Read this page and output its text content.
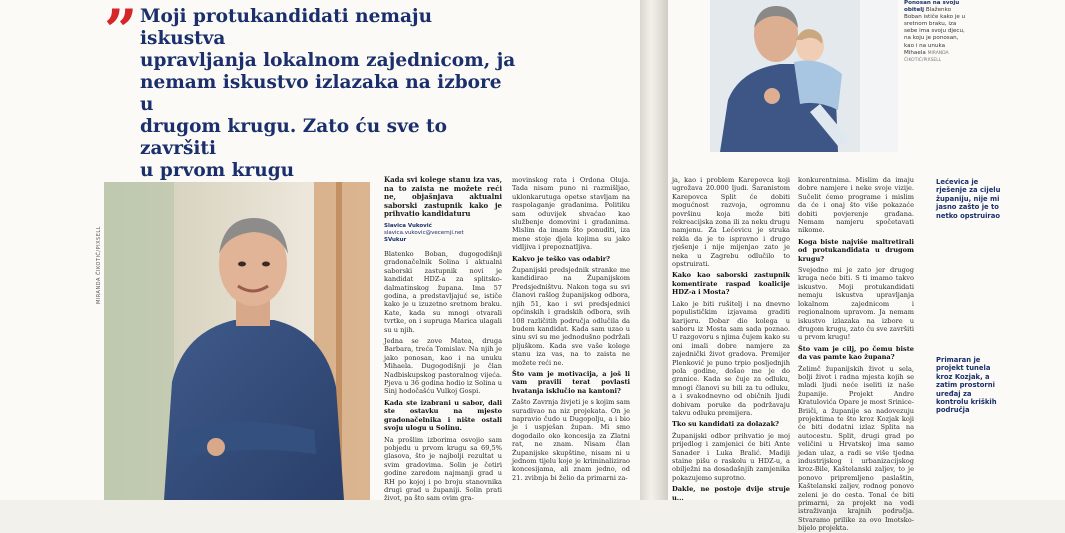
” Moji protukandidati nemaju iskustva
upravljanja lokalnom zajednicom, ja
nemam iskustvo izlazaka na izbore u
drugom krugu. Zato ću sve to završiti
u prvom krugu
MIRANDA ČIKOTIĆ/PIXSELL

Kada svi kolege stanu iza vas, na to zaista ne možete reći ne, objašnjava aktualni saborski zastupnik kako je prihvatio kandidaturu

Slavica Vuković
slavica.vukovic@vecernji.net
SVukur

Blatenko Boban, dugogodišnji gradonačelnik Solina i aktualni saborski zastupnik novi je kandidat HDZ-a za splitsko-dalmatinskog župana. Ima 57 godina, a predstavljajuć se, ističe kako je u izuzetno sretnom braku. Kate, kada su mnogi otvarali tvrtke, on i supruga Marica ulagali su u njih.

Jedna se zove Matea, druga Barbara, treća Tomislav. Na njih je jako ponosan, kao i na unuku Mihaela. Dugogodišnji je član Nadbiskupskog pastoralnog vijeća. Pjeva u 36 godina hodio iz Solina u Sinj hodočašću Vulkoj Gospi.

Kada ste izabrani u sabor, dali ste ostavku na mjesto gradonačelnika i nište ostali svoju ulogu u Solinu.

Na prošlim izborima osvojio sam pobjedu u prvom krugu sa 69,5% glasova, što je najbolji rezultat u svim gradovima. Solin je četiri godine zaredom najmanji grad u RH po kojoj i po broju stanovnika drugi grad u županiji. Solin prati život, pa što sam ovim gra-

movinskog rata i Ordona Oluja. Tada nisam puno ni razmišljao, uklonkarutuga opetse stavljam na raspolaganje građanima. Politiku sam oduvijek shvaćao kao službenje domovini i građanima. Mislim da imam što ponuditi, iza mene stoje djela kojima su jako vidljiva i prepoznatljiva.

Kakvo je teško vas odabir?

Županijski predsjednik stranke me kandidirao na Županijskom Predsjedništvu. Nakon toga su svi članovi rašlog županijskog odbora, njih 51, kao i svi predsjednici općinskih i gradskih odbora, svih 108 različitih područja odlučila da budem kandidat. Kada sam uzao u sinu svi su me jednodušno podržali pljuškom. Kada sve vaše kolege stanu iza vas, na to zaista ne možete reći ne.

Što vam je motivacija, a još li vam pravili terat povlasti hvatanja isklučio na kantoni?

Zašto Zavrnja živjeti je s kojim sam suradivao na niz projekata. On je napravio čudo u Dugopolju, a i bio je i uspješan župan. Mi smo dogodailo oko koncesija za Zlatni rat, ne znam. Nisam član Županijske skupštine, nisam ni u jednom tijelu koje je kriminalizirao koncesijama, ali znam jedno, od 21. zvibnja bi želio da primarni za-

Ponosan na svoju obitelj Blaženko Boban ističe kako je u sretnom braku, iza sebe ima svoju djecu, na koju je ponosan, kao i na unuka Mihaela MIRANDA ČIKOTIĆ/PIXSELL

ja, kao i problem Karepovca koji ugrožava 20.000 ljudi. Šaranistom Karepovca Split će dobiti mogućnost razvoja, ogromnu površinu koja može biti rekreacijska zona ili za neku drugu namjenu. Za Lećevicu je struka rekla da je to ispravno i drugo rješenje i nije mijenjao zato je neka u Zagrebu odlučilo to opstruirati.

Kako kao saborski zastupnik komentirate raspad koalicije HDZ-a i Mosta?

Lako je biti rušitelj i na dnevno populističkim izjavama graditi karijeru. Dobar dio kolega u saboru iz Mosta sam sada poznao. U razgovoru s njima čujem kako su oni imali dobre namjere za zajednički život gradova. Premijer Plenković je puno trpio posljednjih pola godine, došao me je do granice. Kada se čuje za odluku, mnogi članovi su bili za tu odluku, a i svakodnevno od običnih ljudi dobivam poruke da podržavaju takvu odluku premijera.

Tko su kandidati za dolazak?

Županijski odbor prihvatio je moj prijedlog i zamjenici će biti Ante Sanader i Luka Bralić. Madiji staine pišu o raskolu u HDZ-u, a obilježni na dosadašnjih zamjenika pokazujemo suprotno.

Dakle, ne postoje dvije struje u...

konkurentnima. Mislim da imaju dobre namjere i neke svoje vizije. Sučelit ćemo programe i mislim da će i onaj što više pokazaće dobiti povjerenje građana. Nemam namjeru spočetavati nikome.

Koga biste najviše maltretirali od protukandidata u drugom krugu?

Svejedno mi je zato jer drugog kruga neće biti. S ti imamo takvo iskustvo. Moji protukandidati nemaju iskustva upravljanja lokalnom zajednicom i regionalnom upravom. Ja nemam iskustvo izlazaka na izbore u drugom krugu, zato ću sve završiti u prvom krugu!

Što vam je cilj, po čemu biste da vas pamte kao župana?

Želimč županijskih život u sela, bolji život i radna mjesta kojih se mladi ljudi neće iseliti iz naše županije. Projekt Andre Kratulovića Opare je most Srinice-Briiči, a županije sa nadovezuju projektima te što kroz Kozjak koji će biti dodatni izlaz Splita na autocestu. Split, drugi grad po veličini u Hrvatskoj ima samo jedan ulaz, a radi se više tjedna industrijskog i urbanizacijskog kroz-Bile, Kaštelanski zaljev, to je ponovo pripremljeno paslaštin, Kaštelanski zaljev, rodnog ponovo zeleni je do cesta. Tonal će biti primarni, za projekt na vodi istraživanja krajnih područja. Stvaramo prilike za ovo Imotsko-bijelo projekta.

Lećevica je rješenje za cijelu županiju, nije mi jasno zašto je to netko opstruirao
Primaran je projekt tunela kroz Kozjak, a zatim prostorni uređaj za kontrolu kriških područja
